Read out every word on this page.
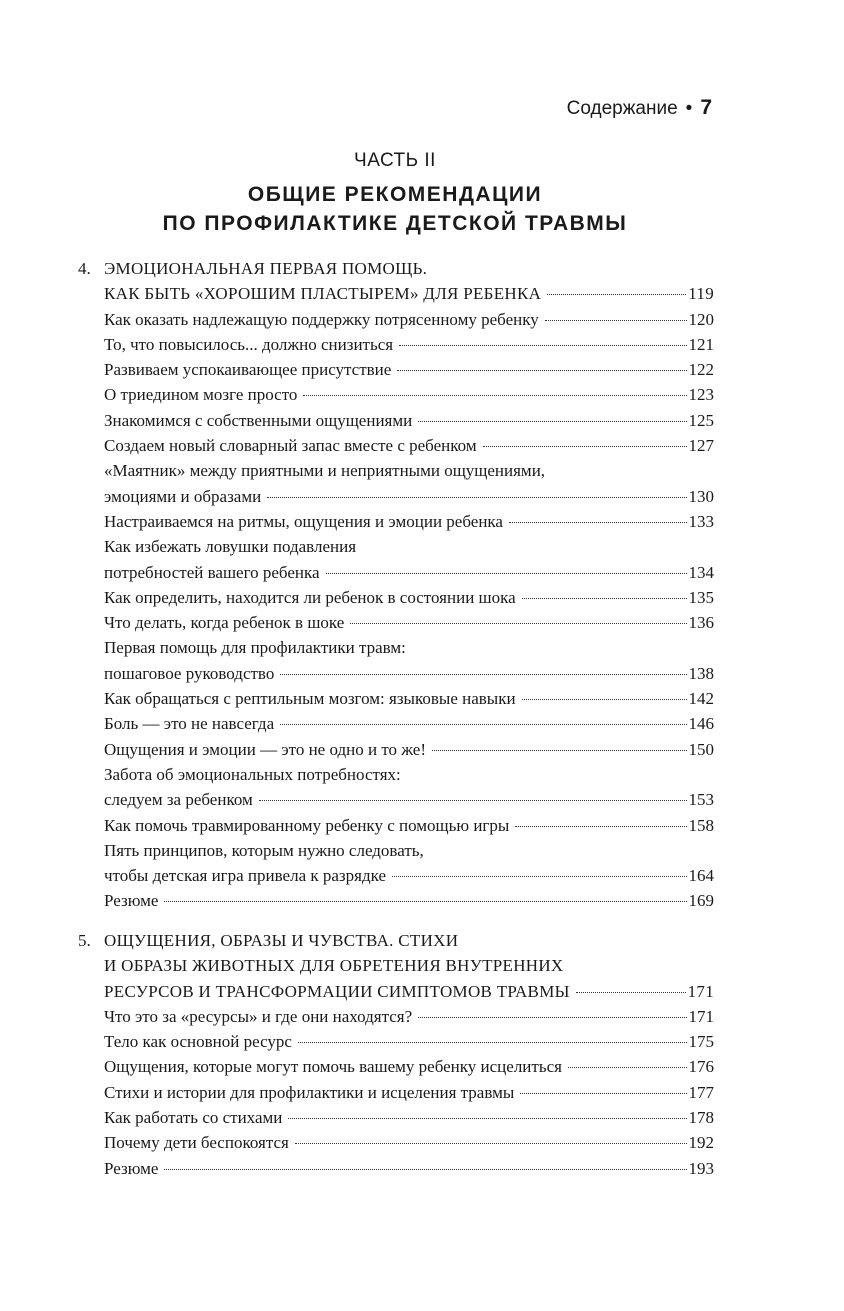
Содержание • 7
ЧАСТЬ II
ОБЩИЕ РЕКОМЕНДАЦИИ
ПО ПРОФИЛАКТИКЕ ДЕТСКОЙ ТРАВМЫ
4. ЭМОЦИОНАЛЬНАЯ ПЕРВАЯ ПОМОЩЬ.
КАК БЫТЬ «ХОРОШИМ ПЛАСТЫРЕМ» ДЛЯ РЕБЕНКА	119
Как оказать надлежащую поддержку потрясенному ребенку	120
То, что повысилось... должно снизиться	121
Развиваем успокаивающее присутствие	122
О триедином мозге просто	123
Знакомимся с собственными ощущениями	125
Создаем новый словарный запас вместе с ребенком	127
«Маятник» между приятными и неприятными ощущениями,
эмоциями и образами	130
Настраиваемся на ритмы, ощущения и эмоции ребенка	133
Как избежать ловушки подавления
потребностей вашего ребенка	134
Как определить, находится ли ребенок в состоянии шока	135
Что делать, когда ребенок в шоке	136
Первая помощь для профилактики травм:
пошаговое руководство	138
Как обращаться с рептильным мозгом: языковые навыки	142
Боль — это не навсегда	146
Ощущения и эмоции — это не одно и то же!	150
Забота об эмоциональных потребностях:
следуем за ребенком	153
Как помочь травмированному ребенку с помощью игры	158
Пять принципов, которым нужно следовать,
чтобы детская игра привела к разрядке	164
Резюме	169
5. ОЩУЩЕНИЯ, ОБРАЗЫ И ЧУВСТВА. СТИХИ
И ОБРАЗЫ ЖИВОТНЫХ ДЛЯ ОБРЕТЕНИЯ ВНУТРЕННИХ
РЕСУРСОВ И ТРАНСФОРМАЦИИ СИМПТОМОВ ТРАВМЫ	171
Что это за «ресурсы» и где они находятся?	171
Тело как основной ресурс	175
Ощущения, которые могут помочь вашему ребенку исцелиться	176
Стихи и истории для профилактики и исцеления травмы	177
Как работать со стихами	178
Почему дети беспокоятся	192
Резюме	193
